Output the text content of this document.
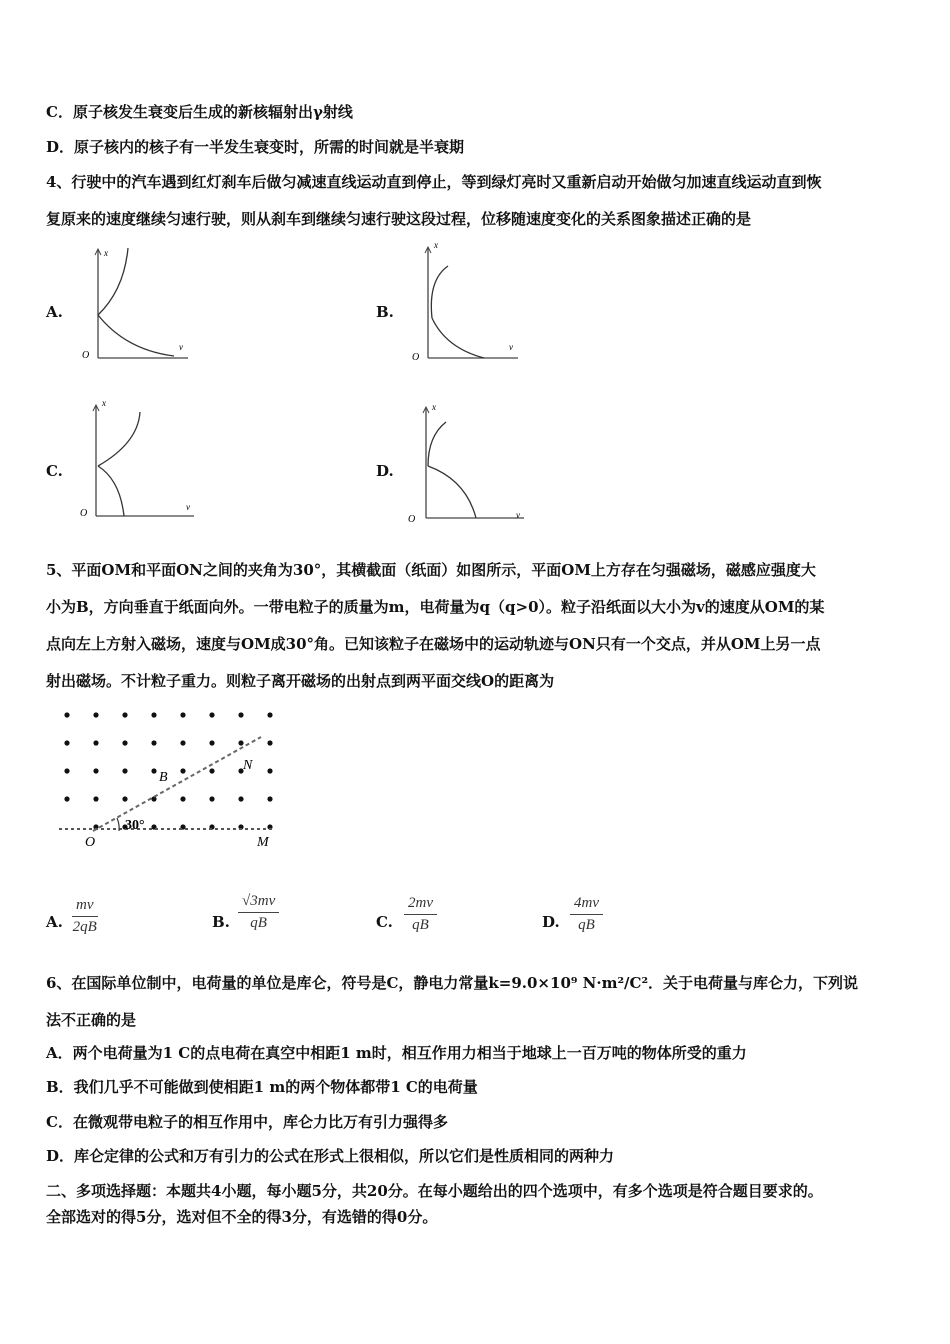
C．原子核发生衰变后生成的新核辐射出γ射线
D．原子核内的核子有一半发生衰变时，所需的时间就是半衰期
4、行驶中的汽车遇到红灯刹车后做匀减速直线运动直到停止，等到绿灯亮时又重新启动开始做匀加速直线运动直到恢
复原来的速度继续匀速行驶，则从刹车到继续匀速行驶这段过程，位移随速度变化的关系图象描述正确的是
A.
x
v
O
B.
x
v
O
C.
x
v
O
D.
x
v
O
5、平面OM和平面ON之间的夹角为30°，其横截面（纸面）如图所示，平面OM上方存在匀强磁场，磁感应强度大
小为B，方向垂直于纸面向外。一带电粒子的质量为m，电荷量为q（q>0）。粒子沿纸面以大小为v的速度从OM的某
点向左上方射入磁场，速度与OM成30°角。已知该粒子在磁场中的运动轨迹与ON只有一个交点，并从OM上另一点
射出磁场。不计粒子重力。则粒子离开磁场的出射点到两平面交线O的距离为
30°
O	M
N
B
A. $\frac{mv}{2qB}$	B. $\frac{√3mv}{qB}$	C. $\frac{2mv}{qB}$	D. $\frac{4mv}{qB}$
6、在国际单位制中，电荷量的单位是库仑，符号是C，静电力常量k=9.0×10⁹ N·m²/C²．关于电荷量与库仑力，下列说
法不正确的是
A．两个电荷量为1 C的点电荷在真空中相距1 m时，相互作用力相当于地球上一百万吨的物体所受的重力
B．我们几乎不可能做到使相距1 m的两个物体都带1 C的电荷量
C．在微观带电粒子的相互作用中，库仑力比万有引力强得多
D．库仑定律的公式和万有引力的公式在形式上很相似，所以它们是性质相同的两种力
二、多项选择题：本题共4小题，每小题5分，共20分。在每小题给出的四个选项中，有多个选项是符合题目要求的。
全部选对的得5分，选对但不全的得3分，有选错的得0分。
